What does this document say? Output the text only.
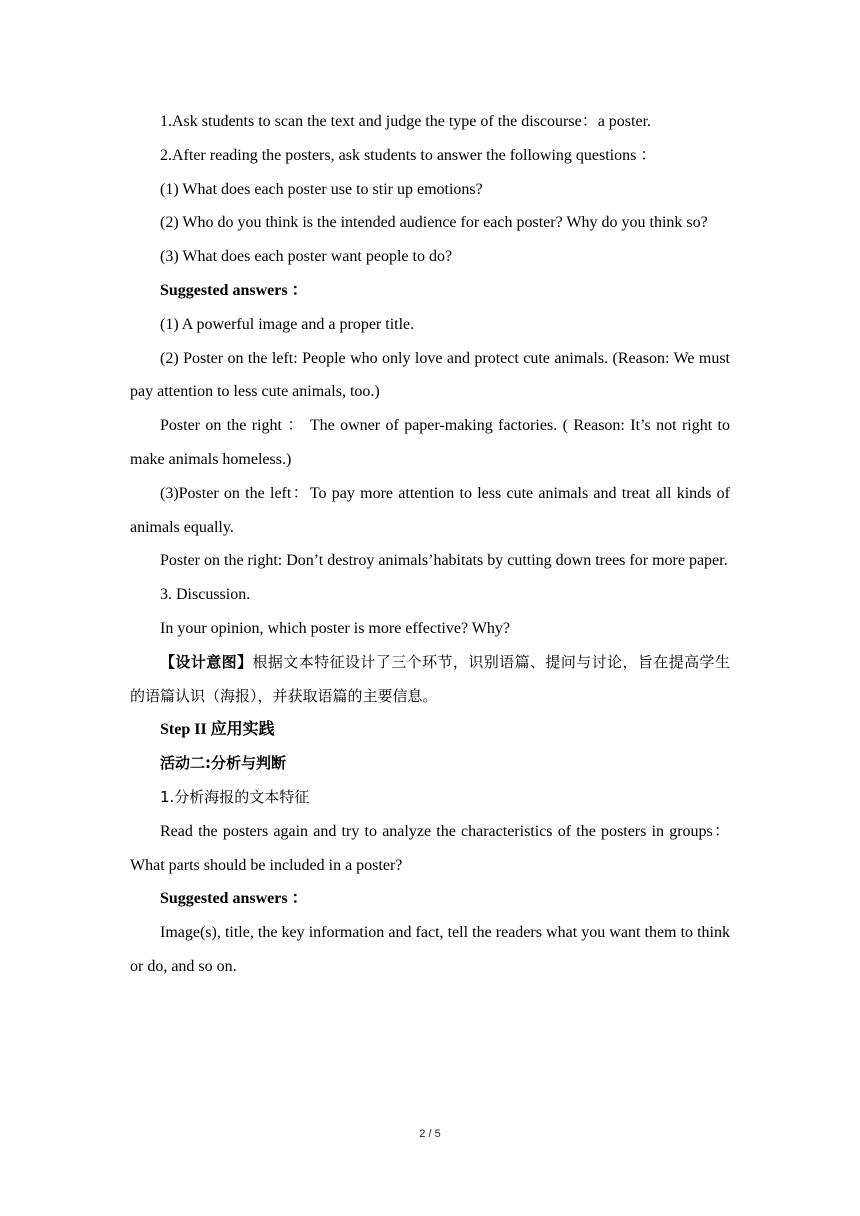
1.Ask students to scan the text and judge the type of the discourse：a poster.

2.After reading the posters, ask students to answer the following questions ：

(1) What does each poster use to stir up emotions?

(2) Who do you think is the intended audience for each poster? Why do you think so?

(3) What does each poster want people to do?

Suggested answers ：

(1) A powerful image and a proper title.

(2) Poster on the left: People who only love and protect cute animals. (Reason: We must pay attention to less cute animals, too.)

Poster on the right ： The owner of paper-making factories. ( Reason: It’s not right to make animals homeless.)

(3)Poster on the left：To pay more attention to less cute animals and treat all kinds of animals equally.

Poster on the right: Don’t destroy animals’habitats by cutting down trees for more paper.

3. Discussion.

In your opinion, which poster is more effective? Why?

【设计意图】根据文本特征设计了三个环节，识别语篇、提问与讨论，旨在提高学生的语篇认识（海报），并获取语篇的主要信息。

Step II 应用实践

活动二:分析与判断

1.分析海报的文本特征

Read the posters again and try to analyze the characteristics of the posters in groups：What parts should be included in a poster?

Suggested answers ：

Image(s), title, the key information and fact, tell the readers what you want them to think or do, and so on.

2 / 5
